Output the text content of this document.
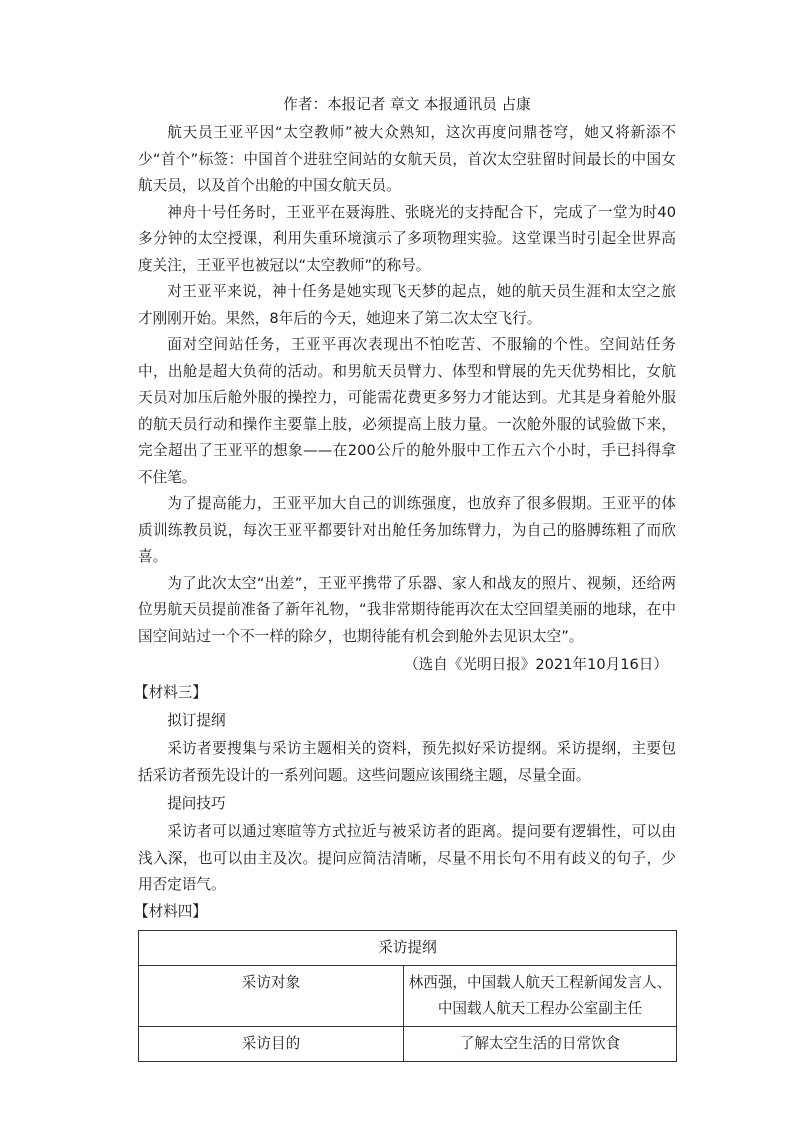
作者：本报记者 章文 本报通讯员 占康

航天员王亚平因“太空教师”被大众熟知，这次再度问鼎苍穹，她又将新添不少“首个”标签：中国首个进驻空间站的女航天员，首次太空驻留时间最长的中国女航天员，以及首个出舱的中国女航天员。

神舟十号任务时，王亚平在聂海胜、张晓光的支持配合下，完成了一堂为时40多分钟的太空授课，利用失重环境演示了多项物理实验。这堂课当时引起全世界高度关注，王亚平也被冠以“太空教师”的称号。

对王亚平来说，神十任务是她实现飞天梦的起点，她的航天员生涯和太空之旅才刚刚开始。果然，8年后的今天，她迎来了第二次太空飞行。

面对空间站任务，王亚平再次表现出不怕吃苦、不服输的个性。空间站任务中，出舱是超大负荷的活动。和男航天员臂力、体型和臂展的先天优势相比，女航天员对加压后舱外服的操控力，可能需花费更多努力才能达到。尤其是身着舱外服的航天员行动和操作主要靠上肢，必须提高上肢力量。一次舱外服的试验做下来，完全超出了王亚平的想象——在200公斤的舱外服中工作五六个小时，手已抖得拿不住笔。

为了提高能力，王亚平加大自己的训练强度，也放弃了很多假期。王亚平的体质训练教员说，每次王亚平都要针对出舱任务加练臂力，为自己的胳膊练粗了而欣喜。

为了此次太空“出差”，王亚平携带了乐器、家人和战友的照片、视频，还给两位男航天员提前准备了新年礼物，“我非常期待能再次在太空回望美丽的地球，在中国空间站过一个不一样的除夕，也期待能有机会到舱外去见识太空”。

（选自《光明日报》2021年10月16日）

【材料三】

拟订提纲

采访者要搜集与采访主题相关的资料，预先拟好采访提纲。采访提纲，主要包括采访者预先设计的一系列问题。这些问题应该围绕主题，尽量全面。

提问技巧

采访者可以通过寒暄等方式拉近与被采访者的距离。提问要有逻辑性，可以由浅入深，也可以由主及次。提问应简洁清晰，尽量不用长句不用有歧义的句子，少用否定语气。

【材料四】

采访提纲	
采访对象	林西强，中国载人航天工程新闻发言人、中国载人航天工程办公室副主任
采访目的	了解太空生活的日常饮食
